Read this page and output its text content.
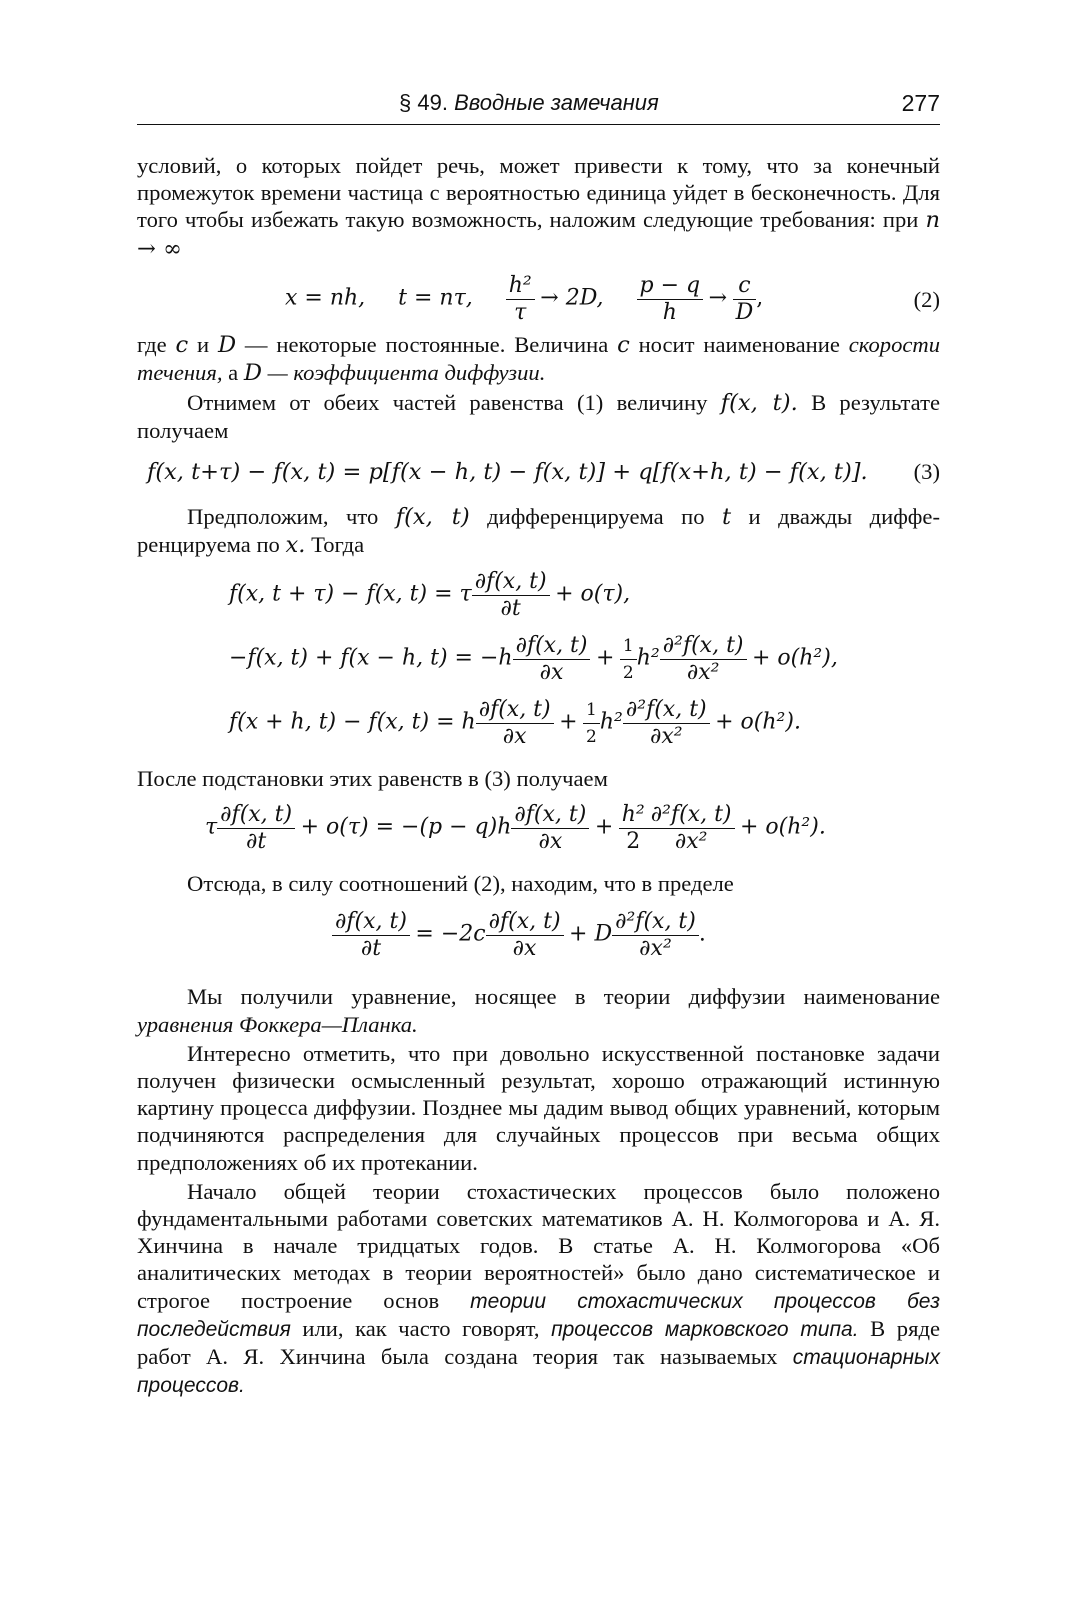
§ 49. Вводные замечания	277

условий, о которых пойдет речь, может привести к тому, что за конечный промежуток времени частица с вероятностью единица уйдет в бесконечность. Для того чтобы избежать такую возможность, наложим следующие требования: при n → ∞

x = nh, t = nτ, $\frac{\text{h²}}{\tau} \to 2D$, $\frac{p - q}{h} \to \frac{c}{D}$ ,	(2)

где c и D — некоторые постоянные. Величина c носит наименование скорости течения, а D — коэффициента диффузии.

Отнимем от обеих частей равенства (1) величину f(x, t). В результате получаем

f(x, t+τ) − f(x, t) = p[f(x − h, t) − f(x, t)] + q[f(x+h, t) − f(x, t)]. (3)

Предположим, что f(x, t) дифференцируема по t и дважды дифференцируема по x. Тогда

f(x, t + τ) − f(x, t) = τ $\frac{\partial f(x, t)}{\partial t} + o(\tau)$,
−f(x, t) + f(x − h, $t) = -h \frac{\partial f(x, t)}{\partial x} + \frac{1}{2} h^2 \frac{\text{∂²f(x, t)}}{\text{∂x²}} + o(h^2)$,
f(x + h, t) − f(x, t) = h $\frac{\partial f(x, t)}{\partial x} + \frac{1}{2} h^2 \frac{\text{∂²f(x, t)}}{\text{∂x²}} + o(h^2)$.

После подстановки этих равенств в (3) получаем

τ $\frac{\partial f(x, t)}{\partial t} + o(\tau) = -(p - q)h \frac{\partial f(x, t)}{\partial x} + \frac{\text{h²}}{2} \frac{\text{∂²f(x, t)}}{\text{∂x²}} + o(h^2)$.

Отсюда, в силу соотношений (2), находим, что в пределе

$\frac{\partial f(x, t)}{\partial t} = -2c \frac{\partial f(x, t)}{\partial x} + D \frac{\text{∂²f(x, t)}}{\text{∂x²}}$ .

Мы получили уравнение, носящее в теории диффузии наименование уравнения Фоккера—Планка.

Интересно отметить, что при довольно искусственной постановке задачи получен физически осмысленный результат, хорошо отражающий истинную картину процесса диффузии. Позднее мы дадим вывод общих уравнений, которым подчиняются распределения для случайных процессов при весьма общих предположениях об их протекании.

Начало общей теории стохастических процессов было положено фундаментальными работами советских математиков А. Н. Колмогорова и А. Я. Хинчина в начале тридцатых годов. В статье А. Н. Колмогорова «Об аналитических методах в теории вероятностей» было дано систематическое и строгое построение основ теории стохастических процессов без последействия или, как часто говорят, процессов марковского типа. В ряде работ А. Я. Хинчина была создана теория так называемых стационарных процессов.
